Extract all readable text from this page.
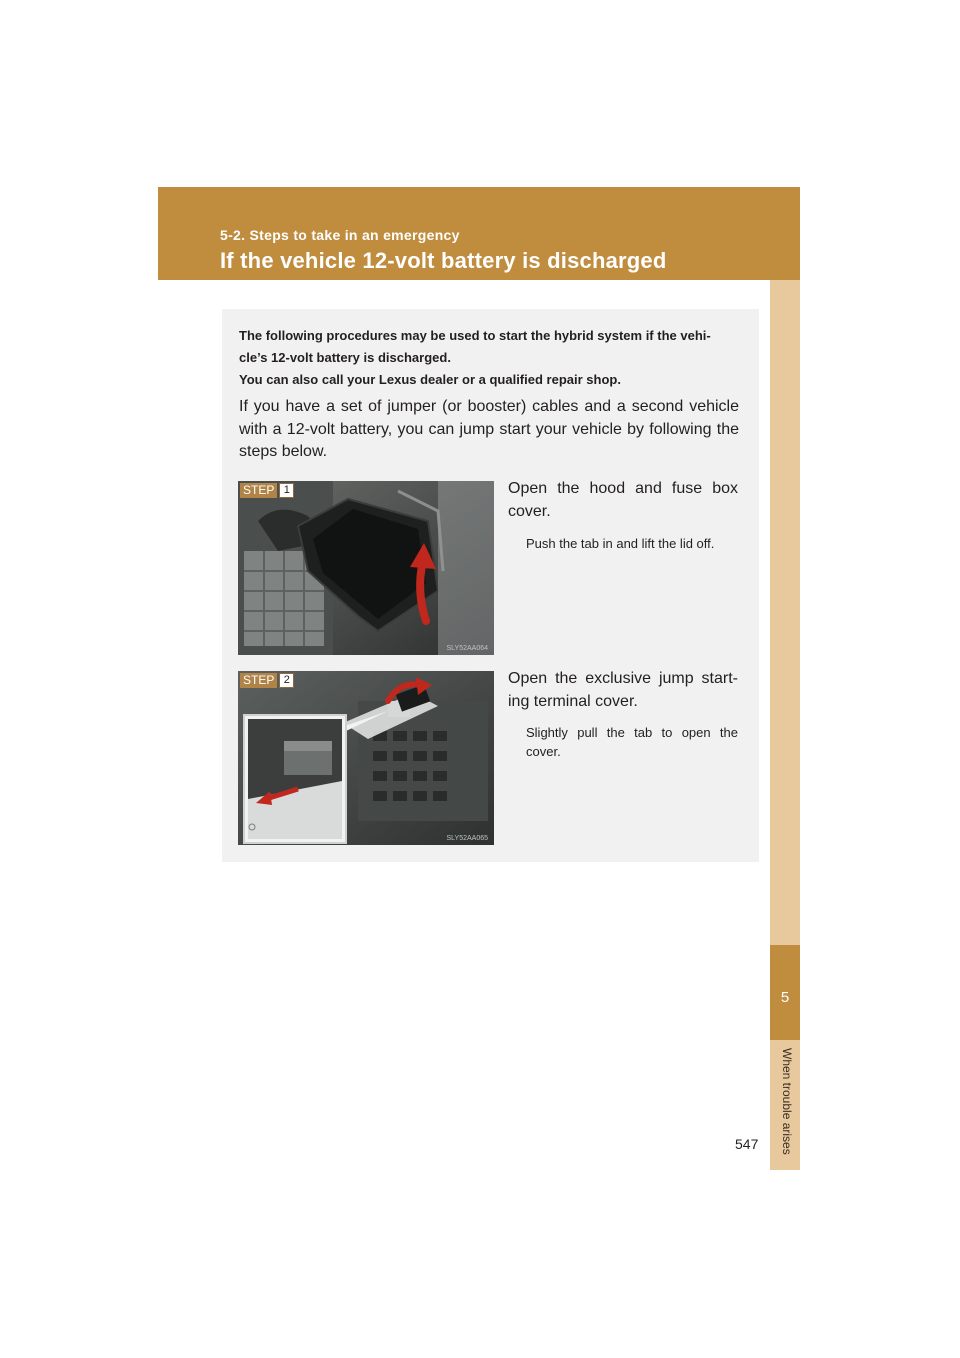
5-2. Steps to take in an emergency
If the vehicle 12-volt battery is discharged
5
When trouble arises

The following procedures may be used to start the hybrid system if the vehi-cle’s 12-volt battery is discharged.

You can also call your Lexus dealer or a qualified repair shop.

If you have a set of jumper (or booster) cables and a second vehicle with a 12-volt battery, you can jump start your vehicle by following the steps below.
STEP 1
SLY52AA064
Open the hood and fuse box cover.
Push the tab in and lift the lid off.
STEP 2
SLY52AA065
Open the exclusive jump start-ing terminal cover.
Slightly pull the tab to open the cover.
547
